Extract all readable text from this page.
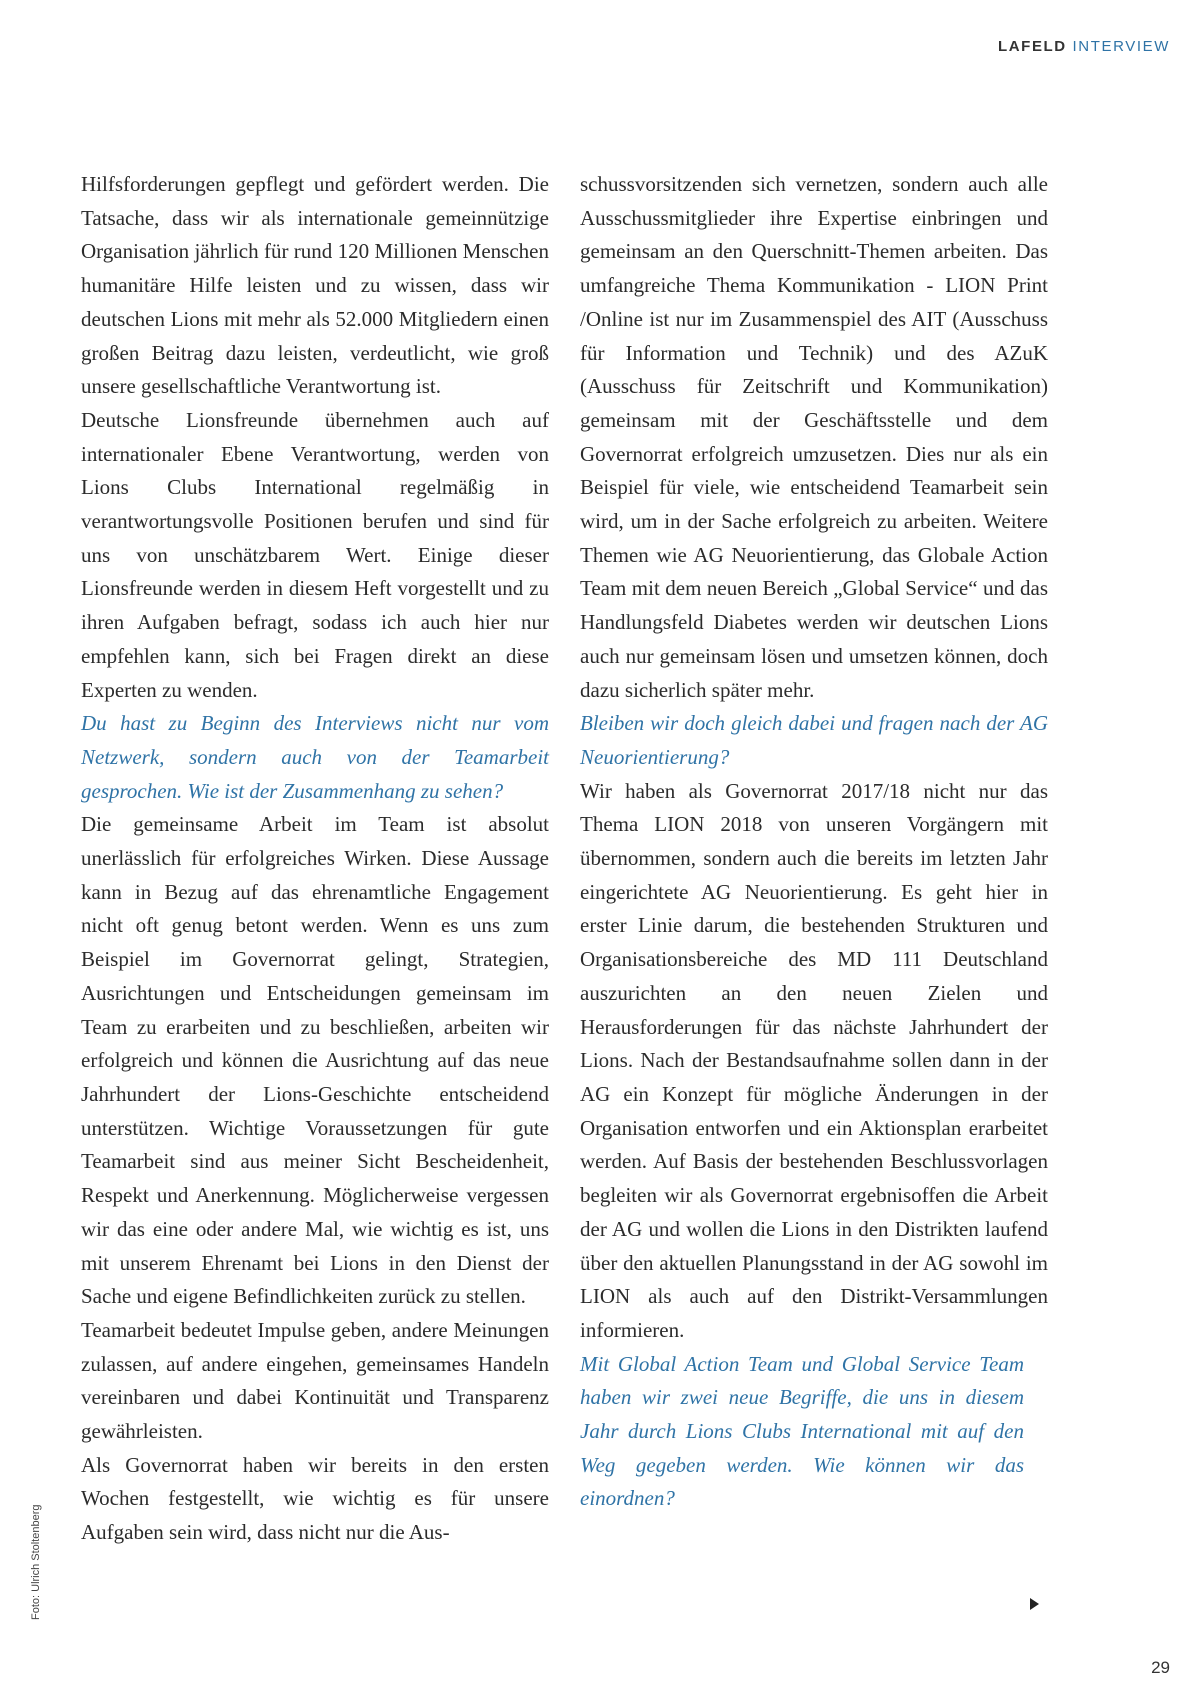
LAFELD INTERVIEW

Hilfsforderungen gepflegt und gefördert werden. Die Tatsache, dass wir als internationale gemeinnützige Organisation jährlich für rund 120 Millionen Menschen humanitäre Hilfe leisten und zu wissen, dass wir deutschen Lions mit mehr als 52.000 Mitgliedern einen großen Beitrag dazu leisten, verdeutlicht, wie groß unsere gesellschaftliche Verantwortung ist.

Deutsche Lionsfreunde übernehmen auch auf internationaler Ebene Verantwortung, werden von Lions Clubs International regelmäßig in verantwortungsvolle Positionen berufen und sind für uns von unschätzbarem Wert. Einige dieser Lionsfreunde werden in diesem Heft vorgestellt und zu ihren Aufgaben befragt, sodass ich auch hier nur empfehlen kann, sich bei Fragen direkt an diese Experten zu wenden.

Du hast zu Beginn des Interviews nicht nur vom Netzwerk, sondern auch von der Teamarbeit gesprochen. Wie ist der Zusammenhang zu sehen?

Die gemeinsame Arbeit im Team ist absolut unerlässlich für erfolgreiches Wirken. Diese Aussage kann in Bezug auf das ehrenamtliche Engagement nicht oft genug betont werden. Wenn es uns zum Beispiel im Governorrat gelingt, Strategien, Ausrichtungen und Entscheidungen gemeinsam im Team zu erarbeiten und zu beschließen, arbeiten wir erfolgreich und können die Ausrichtung auf das neue Jahrhundert der Lions-Geschichte entscheidend unterstützen. Wichtige Voraussetzungen für gute Teamarbeit sind aus meiner Sicht Bescheidenheit, Respekt und Anerkennung. Möglicherweise vergessen wir das eine oder andere Mal, wie wichtig es ist, uns mit unserem Ehrenamt bei Lions in den Dienst der Sache und eigene Befindlichkeiten zurück zu stellen.

Teamarbeit bedeutet Impulse geben, andere Meinungen zulassen, auf andere eingehen, gemeinsames Handeln vereinbaren und dabei Kontinuität und Transparenz gewährleisten.

Als Governorrat haben wir bereits in den ersten Wochen festgestellt, wie wichtig es für unsere Aufgaben sein wird, dass nicht nur die Aus-

schussvorsitzenden sich vernetzen, sondern auch alle Ausschussmitglieder ihre Expertise einbringen und gemeinsam an den Querschnitt-Themen arbeiten. Das umfangreiche Thema Kommunikation - LION Print /Online ist nur im Zusammenspiel des AIT (Ausschuss für Information und Technik) und des AZuK (Ausschuss für Zeitschrift und Kommunikation) gemeinsam mit der Geschäftsstelle und dem Governorrat erfolgreich umzusetzen. Dies nur als ein Beispiel für viele, wie entscheidend Teamarbeit sein wird, um in der Sache erfolgreich zu arbeiten. Weitere Themen wie AG Neuorientierung, das Globale Action Team mit dem neuen Bereich „Global Service“ und das Handlungsfeld Diabetes werden wir deutschen Lions auch nur gemeinsam lösen und umsetzen können, doch dazu sicherlich später mehr.

Bleiben wir doch gleich dabei und fragen nach der AG Neuorientierung?

Wir haben als Governorrat 2017/18 nicht nur das Thema LION 2018 von unseren Vorgängern mit übernommen, sondern auch die bereits im letzten Jahr eingerichtete AG Neuorientierung. Es geht hier in erster Linie darum, die bestehenden Strukturen und Organisationsbereiche des MD 111 Deutschland auszurichten an den neuen Zielen und Herausforderungen für das nächste Jahrhundert der Lions. Nach der Bestandsaufnahme sollen dann in der AG ein Konzept für mögliche Änderungen in der Organisation entworfen und ein Aktionsplan erarbeitet werden. Auf Basis der bestehenden Beschlussvorlagen begleiten wir als Governorrat ergebnisoffen die Arbeit der AG und wollen die Lions in den Distrikten laufend über den aktuellen Planungsstand in der AG sowohl im LION als auch auf den Distrikt-Versammlungen informieren.

Mit Global Action Team und Global Service Team haben wir zwei neue Begriffe, die uns in diesem Jahr durch Lions Clubs International mit auf den Weg gegeben werden. Wie können wir das einordnen?

Foto: Ulrich Stoltenberg
29
